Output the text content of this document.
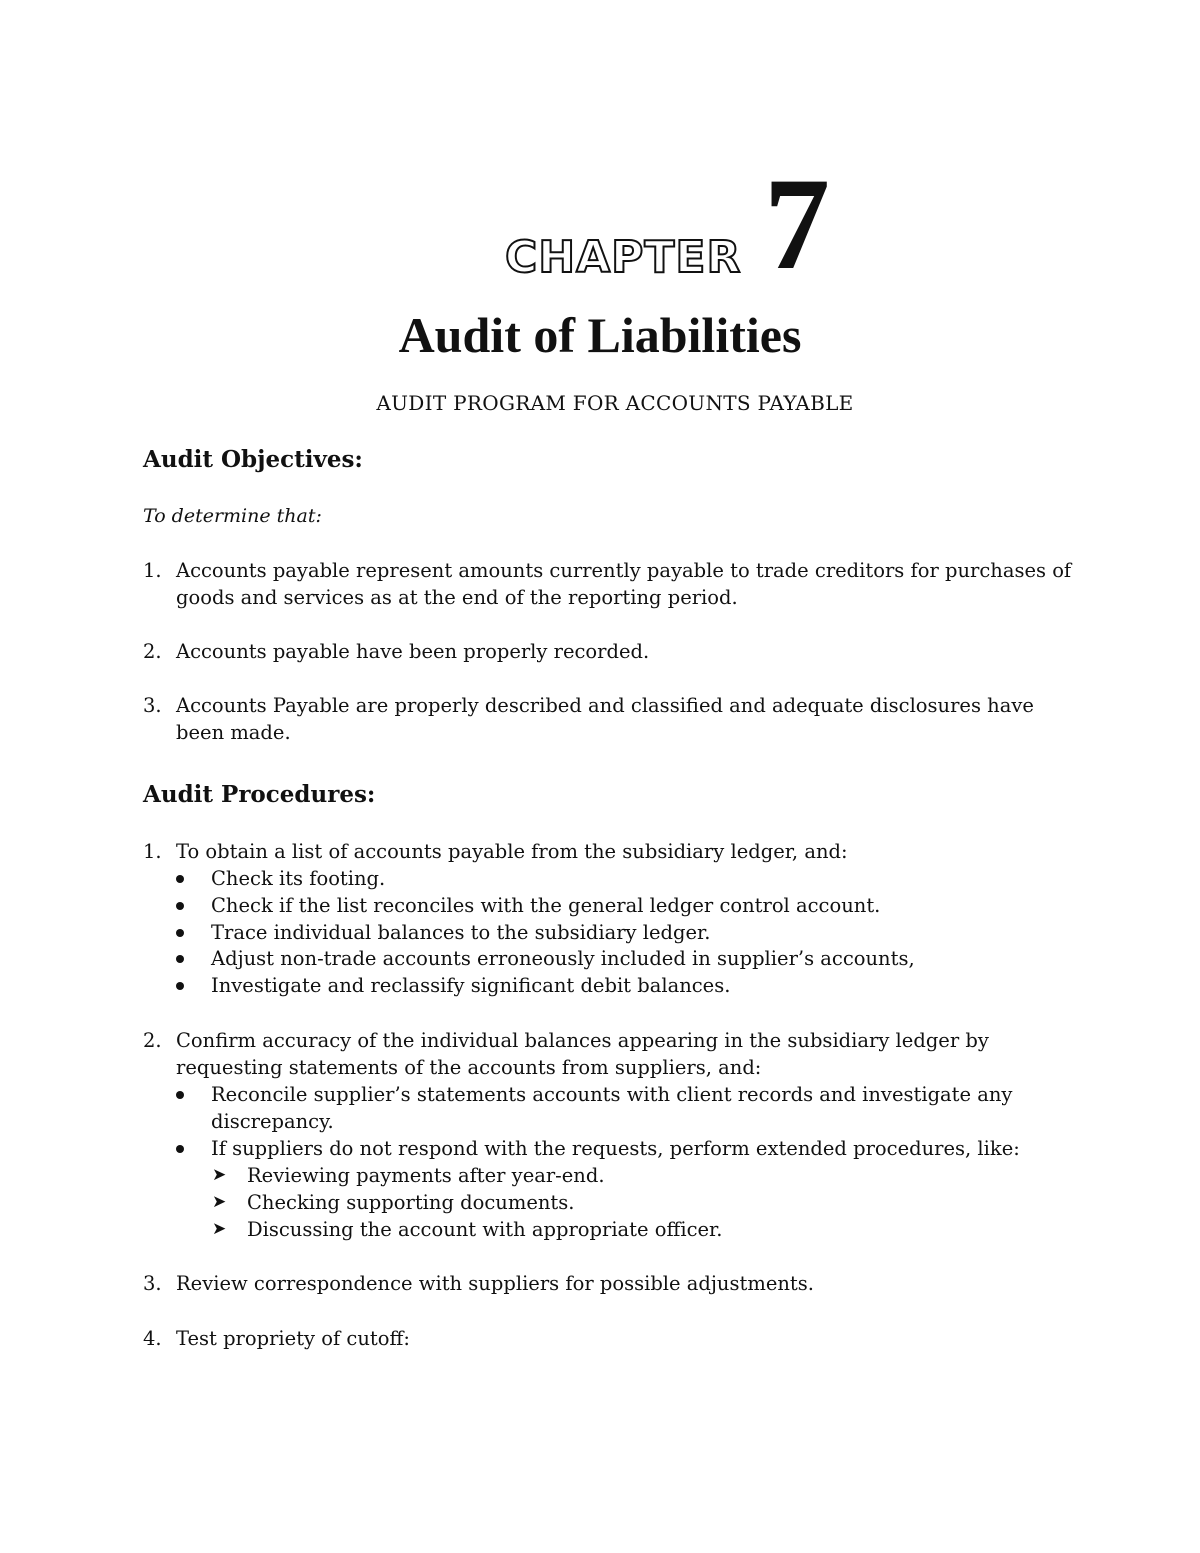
CHAPTER 7
Audit of Liabilities
AUDIT PROGRAM FOR ACCOUNTS PAYABLE
Audit Objectives:
To determine that:
1. Accounts payable represent amounts currently payable to trade creditors for purchases of goods and services as at the end of the reporting period.
2. Accounts payable have been properly recorded.
3. Accounts Payable are properly described and classified and adequate disclosures have been made.
Audit Procedures:
1. To obtain a list of accounts payable from the subsidiary ledger, and:
Check its footing.
Check if the list reconciles with the general ledger control account.
Trace individual balances to the subsidiary ledger.
Adjust non-trade accounts erroneously included in supplier’s accounts,
Investigate and reclassify significant debit balances.
2. Confirm accuracy of the individual balances appearing in the subsidiary ledger by requesting statements of the accounts from suppliers, and:
Reconcile supplier’s statements accounts with client records and investigate any discrepancy.
If suppliers do not respond with the requests, perform extended procedures, like:
➤ Reviewing payments after year-end.
➤ Checking supporting documents.
➤ Discussing the account with appropriate officer.
3. Review correspondence with suppliers for possible adjustments.
4. Test propriety of cutoff:
